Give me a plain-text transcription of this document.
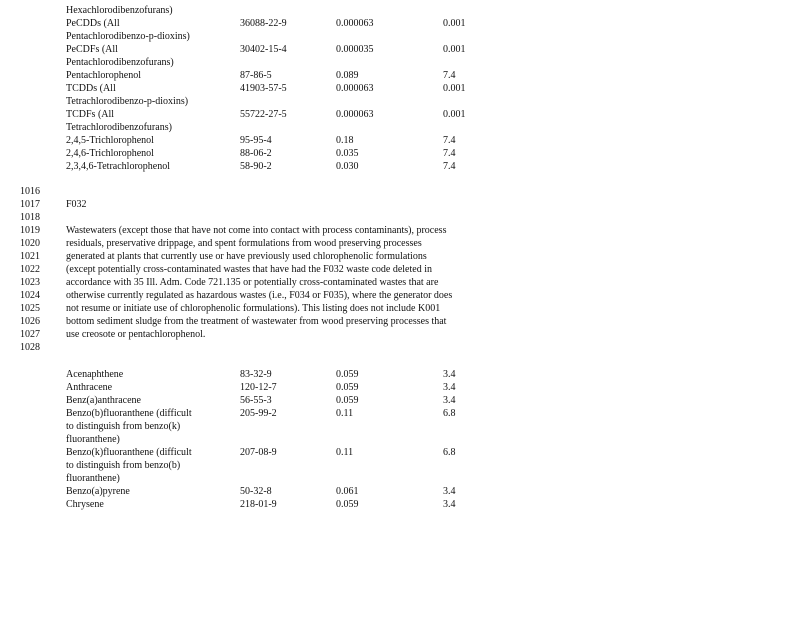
Hexachlorodibenzofurans)
PeCDDs (All	36088-22-9	0.000063	0.001
Pentachlorodibenzo-p-dioxins)
PeCDFs (All	30402-15-4	0.000035	0.001
Pentachlorodibenzofurans)
Pentachlorophenol	87-86-5	0.089	7.4
TCDDs (All	41903-57-5	0.000063	0.001
Tetrachlorodibenzo-p-dioxins)
TCDFs (All	55722-27-5	0.000063	0.001
Tetrachlorodibenzofurans)
2,4,5-Trichlorophenol	95-95-4	0.18	7.4
2,4,6-Trichlorophenol	88-06-2	0.035	7.4
2,3,4,6-Tetrachlorophenol	58-90-2	0.030	7.4
1016
1017	F032
1018
1019	Wastewaters (except those that have not come into contact with process contaminants), process
1020	residuals, preservative drippage, and spent formulations from wood preserving processes
1021	generated at plants that currently use or have previously used chlorophenolic formulations
1022	(except potentially cross-contaminated wastes that have had the F032 waste code deleted in
1023	accordance with 35 Ill. Adm. Code 721.135 or potentially cross-contaminated wastes that are
1024	otherwise currently regulated as hazardous wastes (i.e., F034 or F035), where the generator does
1025	not resume or initiate use of chlorophenolic formulations). This listing does not include K001
1026	bottom sediment sludge from the treatment of wastewater from wood preserving processes that
1027	use creosote or pentachlorophenol.
1028
Acenaphthene	83-32-9	0.059	3.4
Anthracene	120-12-7	0.059	3.4
Benz(a)anthracene	56-55-3	0.059	3.4
Benzo(b)fluoranthene (difficult	205-99-2	0.11	6.8
to distinguish from benzo(k)
fluoranthene)
Benzo(k)fluoranthene (difficult	207-08-9	0.11	6.8
to distinguish from benzo(b)
fluoranthene)
Benzo(a)pyrene	50-32-8	0.061	3.4
Chrysene	218-01-9	0.059	3.4
